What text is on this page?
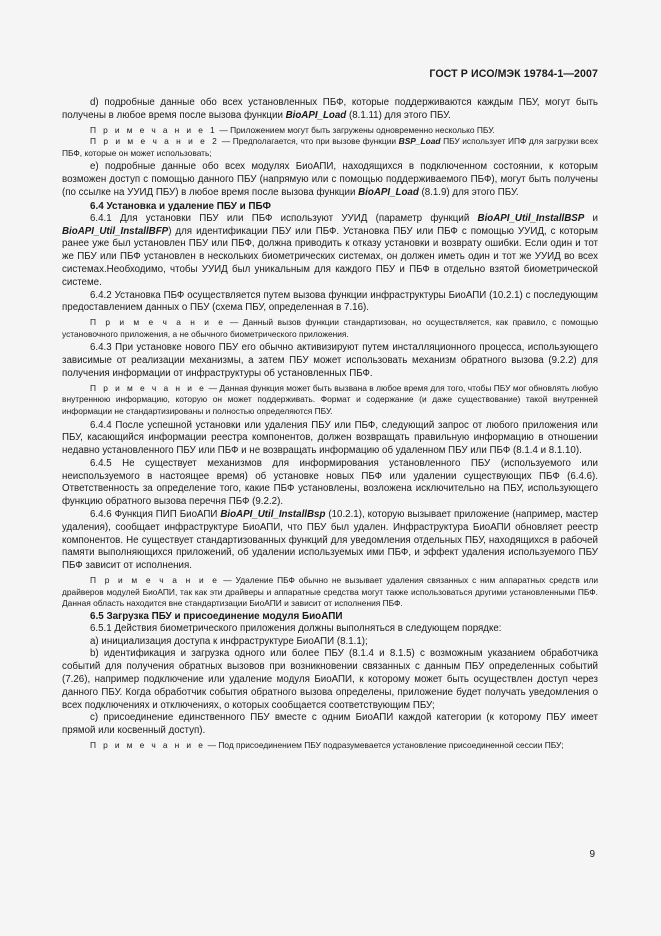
ГОСТ Р ИСО/МЭК 19784-1—2007

d) подробные данные обо всех установленных ПБФ, которые поддерживаются каждым ПБУ, могут быть получены в любое время после вызова функции BioAPI_Load (8.1.11) для этого ПБУ.

П р и м е ч а н и е 1 — Приложением могут быть загружены одновременно несколько ПБУ.

П р и м е ч а н и е 2 — Предполагается, что при вызове функции BSP_Load ПБУ использует ИПФ для загрузки всех ПБФ, которые он может использовать;

е) подробные данные обо всех модулях БиоАПИ, находящихся в подключенном состоянии, к которым возможен доступ с помощью данного ПБУ (напрямую или с помощью поддерживаемого ПБФ), могут быть получены (по ссылке на УУИД ПБУ) в любое время после вызова функции BioAPI_Load (8.1.9) для этого ПБУ.

6.4 Установка и удаление ПБУ и ПБФ

6.4.1 Для установки ПБУ или ПБФ используют УУИД (параметр функций BioAPI_Util_InstallBSP и BioAPI_Util_InstallBFP) для идентификации ПБУ или ПБФ. Установка ПБУ или ПБФ с помощью УУИД, с которым ранее уже был установлен ПБУ или ПБФ, должна приводить к отказу установки и возврату ошибки. Если один и тот же ПБУ или ПБФ установлен в нескольких биометрических системах, он должен иметь один и тот же УУИД во всех системах.Необходимо, чтобы УУИД был уникальным для каждого ПБУ и ПБФ в отдельно взятой биометрической системе.

6.4.2 Установка ПБФ осуществляется путем вызова функции инфраструктуры БиоАПИ (10.2.1) с последующим предоставлением данных о ПБУ (схема ПБУ, определенная в 7.16).

П р и м е ч а н и е — Данный вызов функции стандартизован, но осуществляется, как правило, с помощью установочного приложения, а не обычного биометрического приложения.

6.4.3 При установке нового ПБУ его обычно активизируют путем инсталляционного процесса, использующего зависимые от реализации механизмы, а затем ПБУ может использовать механизм обратного вызова (9.2.2) для получения информации от инфраструктуры об установленных ПБФ.

П р и м е ч а н и е — Данная функция может быть вызвана в любое время для того, чтобы ПБУ мог обновлять любую внутреннюю информацию, которую он может поддерживать. Формат и содержание (и даже существование) такой внутренней информации не стандартизированы и полностью определяются ПБУ.

6.4.4 После успешной установки или удаления ПБУ или ПБФ, следующий запрос от любого приложения или ПБУ, касающийся информации реестра компонентов, должен возвращать правильную информацию в отношении недавно установленного ПБУ или ПБФ и не возвращать информацию об удаленном ПБУ или ПБФ (8.1.4 и 8.1.10).

6.4.5 Не существует механизмов для информирования установленного ПБУ (используемого или неиспользуемого в настоящее время) об установке новых ПБФ или удалении существующих ПБФ (6.4.6). Ответственность за определение того, какие ПБФ установлены, возложена исключительно на ПБУ, использующего функцию обратного вызова перечня ПБФ (9.2.2).

6.4.6 Функция ПИП БиоАПИ BioAPI_Util_InstallBsp (10.2.1), которую вызывает приложение (например, мастер удаления), сообщает инфраструктуре БиоАПИ, что ПБУ был удален. Инфраструктура БиоАПИ обновляет реестр компонентов. Не существует стандартизованных функций для уведомления отдельных ПБУ, находящихся в рабочей памяти выполняющихся приложений, об удалении используемых ими ПБФ, и эффект удаления используемого ПБУ ПБФ зависит от исполнения.

П р и м е ч а н и е — Удаление ПБФ обычно не вызывает удаления связанных с ним аппаратных средств или драйверов модулей БиоАПИ, так как эти драйверы и аппаратные средства могут также использоваться другими установленными ПБФ. Данная область находится вне стандартизации БиоАПИ и зависит от исполнения ПБФ.

6.5 Загрузка ПБУ и присоединение модуля БиоАПИ

6.5.1 Действия биометрического приложения должны выполняться в следующем порядке:

a) инициализация доступа к инфраструктуре БиоАПИ (8.1.1);

b) идентификация и загрузка одного или более ПБУ (8.1.4 и 8.1.5) с возможным указанием обработчика событий для получения обратных вызовов при возникновении связанных с данным ПБУ определенных событий (7.26), например подключение или удаление модуля БиоАПИ, к которому может быть осуществлен доступ через данного ПБУ. Когда обработчик события обратного вызова определены, приложение будет получать уведомления о всех подключениях и отключениях, о которых сообщается соответствующим ПБУ;

c) присоединение единственного ПБУ вместе с одним БиоАПИ каждой категории (к которому ПБУ имеет прямой или косвенный доступ).

П р и м е ч а н и е — Под присоединением ПБУ подразумевается установление присоединенной сессии ПБУ;

9
